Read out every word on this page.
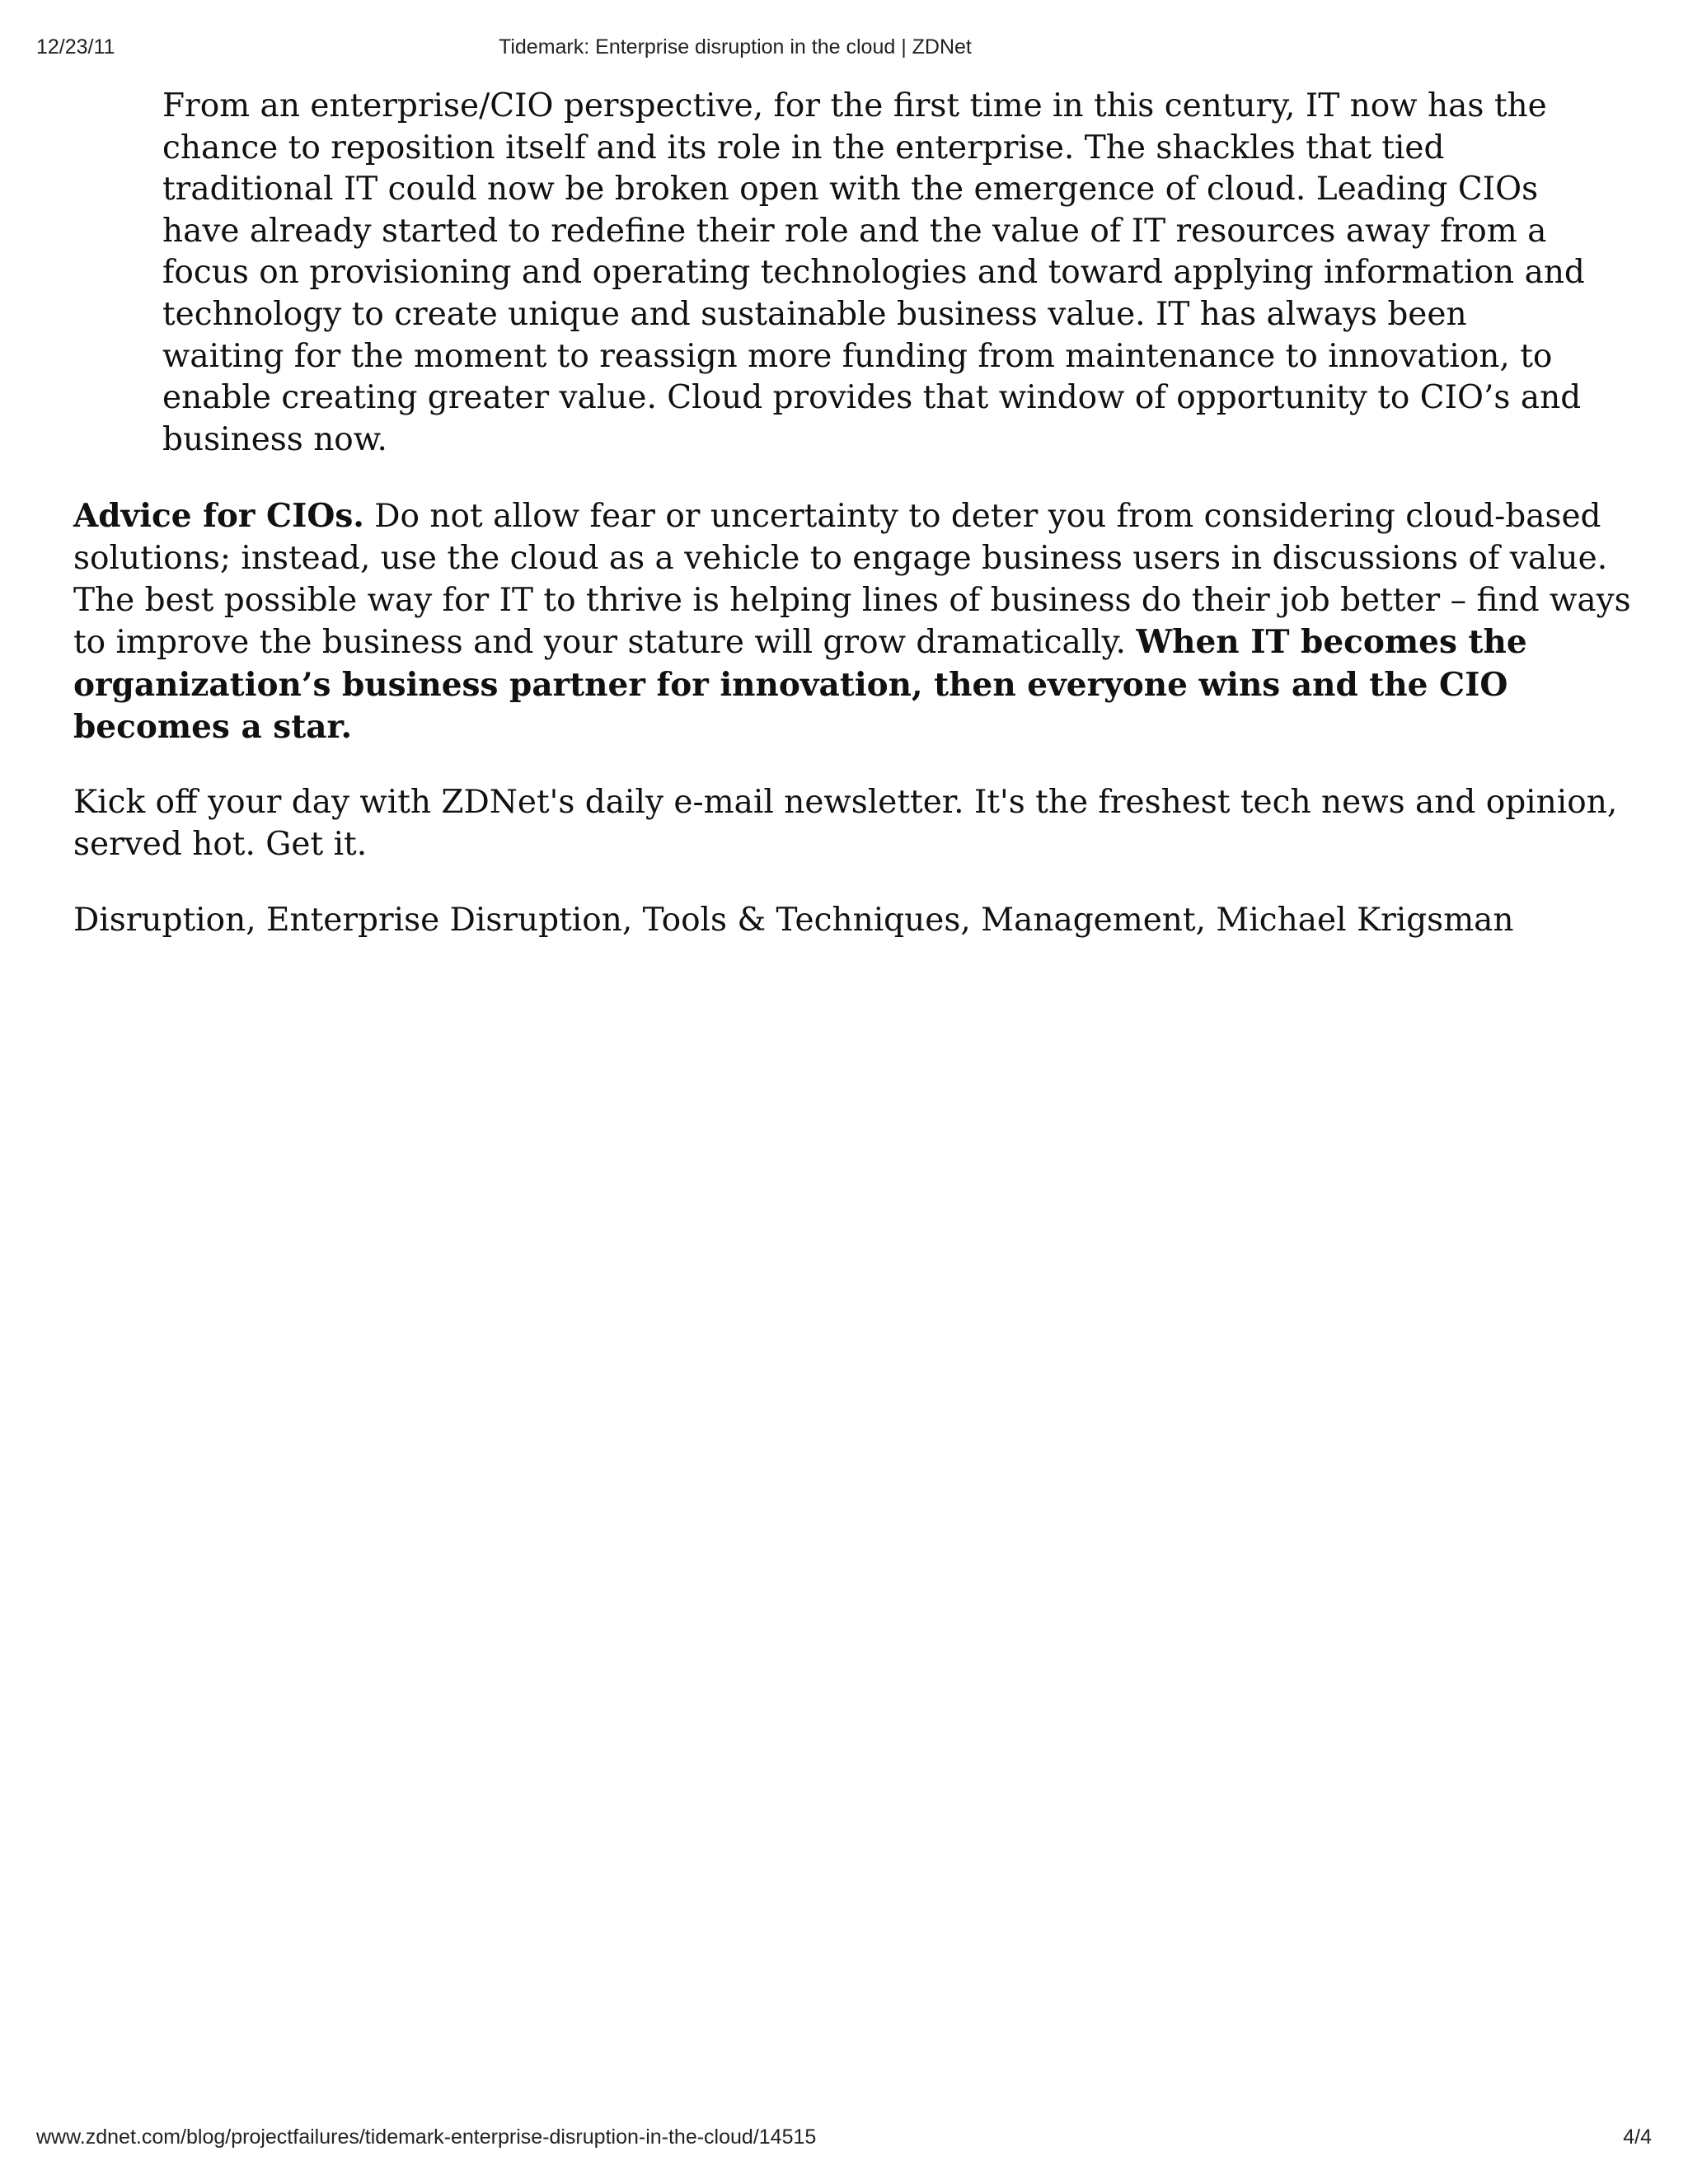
12/23/11	Tidemark: Enterprise disruption in the cloud | ZDNet

From an enterprise/CIO perspective, for the first time in this century, IT now has the chance to reposition itself and its role in the enterprise. The shackles that tied traditional IT could now be broken open with the emergence of cloud. Leading CIOs have already started to redefine their role and the value of IT resources away from a focus on provisioning and operating technologies and toward applying information and technology to create unique and sustainable business value. IT has always been waiting for the moment to reassign more funding from maintenance to innovation, to enable creating greater value. Cloud provides that window of opportunity to CIO’s and business now.

Advice for CIOs. Do not allow fear or uncertainty to deter you from considering cloud-based solutions; instead, use the cloud as a vehicle to engage business users in discussions of value. The best possible way for IT to thrive is helping lines of business do their job better – find ways to improve the business and your stature will grow dramatically. When IT becomes the organization’s business partner for innovation, then everyone wins and the CIO becomes a star.

Kick off your day with ZDNet's daily e-mail newsletter. It's the freshest tech news and opinion, served hot. Get it.

Disruption, Enterprise Disruption, Tools & Techniques, Management, Michael Krigsman

www.zdnet.com/blog/projectfailures/tidemark-enterprise-disruption-in-the-cloud/14515	4/4
